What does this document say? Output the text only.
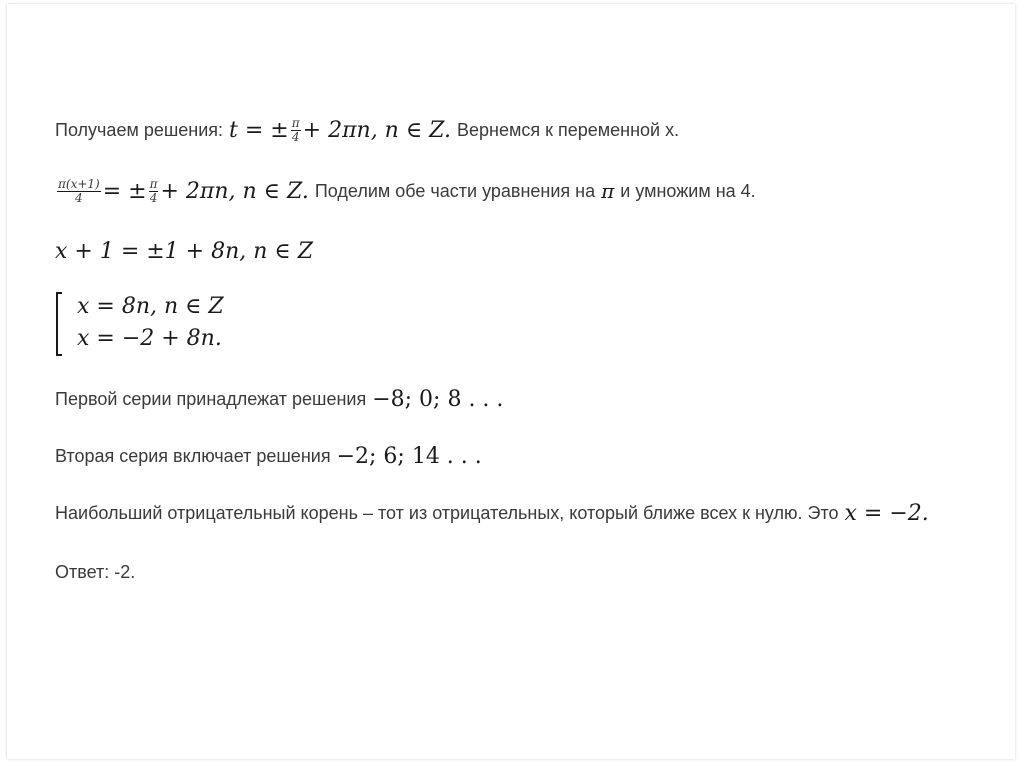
Получаем решения: t = ± $\frac{\pi}{4} + 2\pi n$, n ∈ Z. Вернемся к переменной x.
$\frac{\pi(x+1)}{4}$ = ± $\frac{\pi}{4} + 2\pi n$, n ∈ Z. Поделим обе части уравнения на π и умножим на 4.
x + 1 = ±1 + 8n, n ∈ Z
x = 8n, n ∈ Z
x = −2 + 8n.
Первой серии принадлежат решения −8; 0; 8 . . .
Вторая серия включает решения −2; 6; 14 . . .
Наибольший отрицательный корень – тот из отрицательных, который ближе всех к нулю. Это x = −2.
Ответ: -2.
